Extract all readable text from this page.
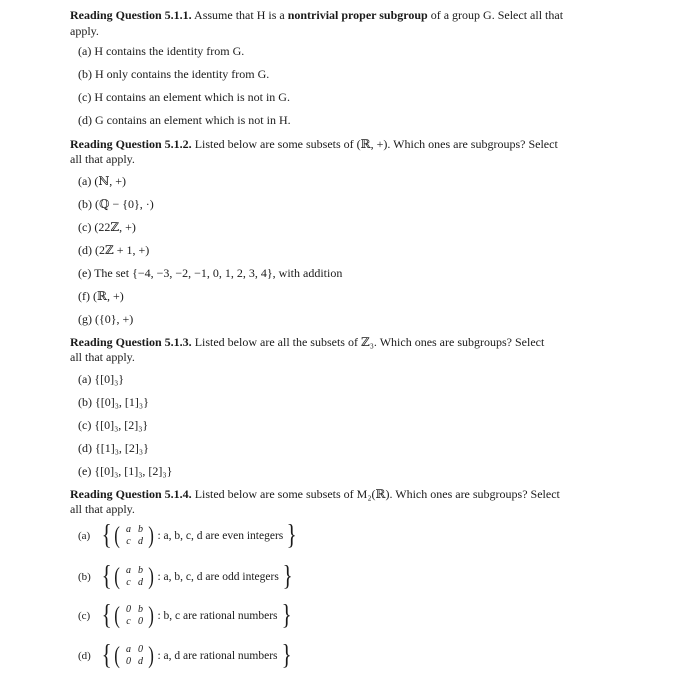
Reading Question 5.1.1. Assume that H is a nontrivial proper subgroup of a group G. Select all that
apply.
(a) H contains the identity from G.
(b) H only contains the identity from G.
(c) H contains an element which is not in G.
(d) G contains an element which is not in H.
Reading Question 5.1.2. Listed below are some subsets of (ℝ, +). Which ones are subgroups? Select
all that apply.
(a) (ℕ, +)
(b) (ℚ − {0}, ·)
(c) (22ℤ, +)
(d) (2ℤ + 1, +)
(e) The set {−4, −3, −2, −1, 0, 1, 2, 3, 4}, with addition
(f) (ℝ, +)
(g) ({0}, +)
Reading Question 5.1.3. Listed below are all the subsets of ℤ₃. Which ones are subgroups? Select
all that apply.
(a) {[0]₃}
(b) {[0]₃, [1]₃}
(c) {[0]₃, [2]₃}
(d) {[1]₃, [2]₃}
(e) {[0]₃, [1]₃, [2]₃}
Reading Question 5.1.4. Listed below are some subsets of M₂(ℝ). Which ones are subgroups? Select
all that apply.
(a) { ( a b
c d ) : a, b, c, d are even integers }
(b) { ( a b
c d ) : a, b, c, d are odd integers }
(c) { ( 0 b
c 0 ) : b, c are rational numbers }
(d) { ( a 0
0 d ) : a, d are rational numbers }
